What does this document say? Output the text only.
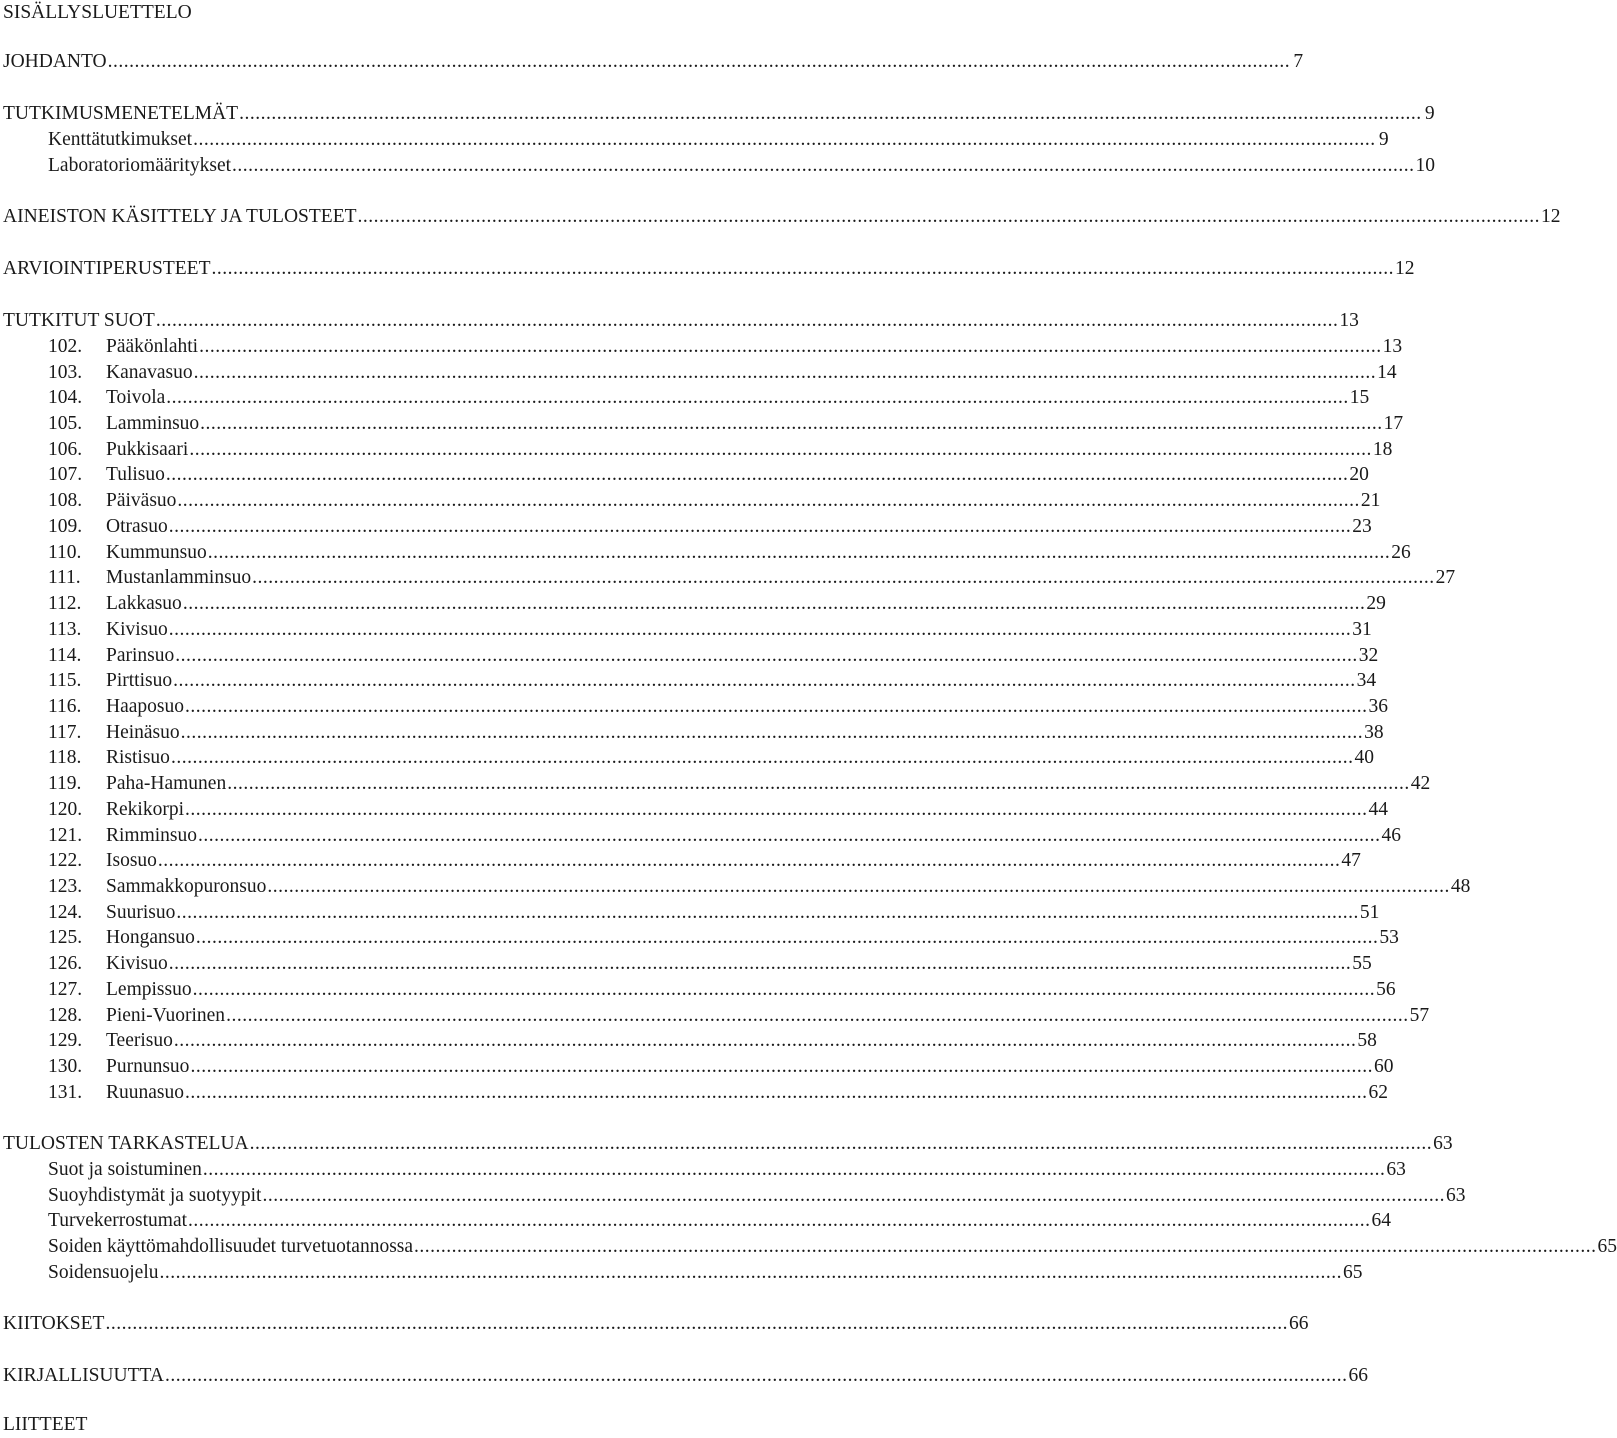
SISÄLLYSLUETTELO
JOHDANTO ............................................................................................................................................................................................................................ 7
TUTKIMUSMENETELMÄT ............................................................................................................................................................................................................................ 9
Kenttätutkimukset ............................................................................................................................................................................................................................ 9
Laboratoriomääritykset ............................................................................................................................................................................................................................ 10
AINEISTON KÄSITTELY JA TULOSTEET ............................................................................................................................................................................................................................ 12
ARVIOINTIPERUSTEET ............................................................................................................................................................................................................................ 12
TUTKITUT SUOT ............................................................................................................................................................................................................................ 13
102. Pääkönlahti ............................................................................................................................................................................................................................ 13
103. Kanavasuo ............................................................................................................................................................................................................................ 14
104. Toivola ............................................................................................................................................................................................................................ 15
105. Lamminsuo ............................................................................................................................................................................................................................ 17
106. Pukkisaari ............................................................................................................................................................................................................................ 18
107. Tulisuo ............................................................................................................................................................................................................................ 20
108. Päiväsuo ............................................................................................................................................................................................................................ 21
109. Otrasuo ............................................................................................................................................................................................................................ 23
110. Kummunsuo ............................................................................................................................................................................................................................ 26
111. Mustanlamminsuo ............................................................................................................................................................................................................................ 27
112. Lakkasuo ............................................................................................................................................................................................................................ 29
113. Kivisuo ............................................................................................................................................................................................................................ 31
114. Parinsuo ............................................................................................................................................................................................................................ 32
115. Pirttisuo ............................................................................................................................................................................................................................ 34
116. Haaposuo ............................................................................................................................................................................................................................ 36
117. Heinäsuo ............................................................................................................................................................................................................................ 38
118. Ristisuo ............................................................................................................................................................................................................................ 40
119. Paha-Hamunen ............................................................................................................................................................................................................................ 42
120. Rekikorpi ............................................................................................................................................................................................................................ 44
121. Rimminsuo ............................................................................................................................................................................................................................ 46
122. Isosuo ............................................................................................................................................................................................................................ 47
123. Sammakkopuronsuo ............................................................................................................................................................................................................................ 48
124. Suurisuo ............................................................................................................................................................................................................................ 51
125. Hongansuo ............................................................................................................................................................................................................................ 53
126. Kivisuo ............................................................................................................................................................................................................................ 55
127. Lempissuo ............................................................................................................................................................................................................................ 56
128. Pieni-Vuorinen ............................................................................................................................................................................................................................ 57
129. Teerisuo ............................................................................................................................................................................................................................ 58
130. Purnunsuo ............................................................................................................................................................................................................................ 60
131. Ruunasuo ............................................................................................................................................................................................................................ 62
TULOSTEN TARKASTELUA ............................................................................................................................................................................................................................ 63
Suot ja soistuminen ............................................................................................................................................................................................................................ 63
Suoyhdistymät ja suotyypit ............................................................................................................................................................................................................................ 63
Turvekerrostumat ............................................................................................................................................................................................................................ 64
Soiden käyttömahdollisuudet turvetuotannossa ............................................................................................................................................................................................................................ 65
Soidensuojelu ............................................................................................................................................................................................................................ 65
KIITOKSET ............................................................................................................................................................................................................................ 66
KIRJALLISUUTTA ............................................................................................................................................................................................................................ 66
LIITTEET
